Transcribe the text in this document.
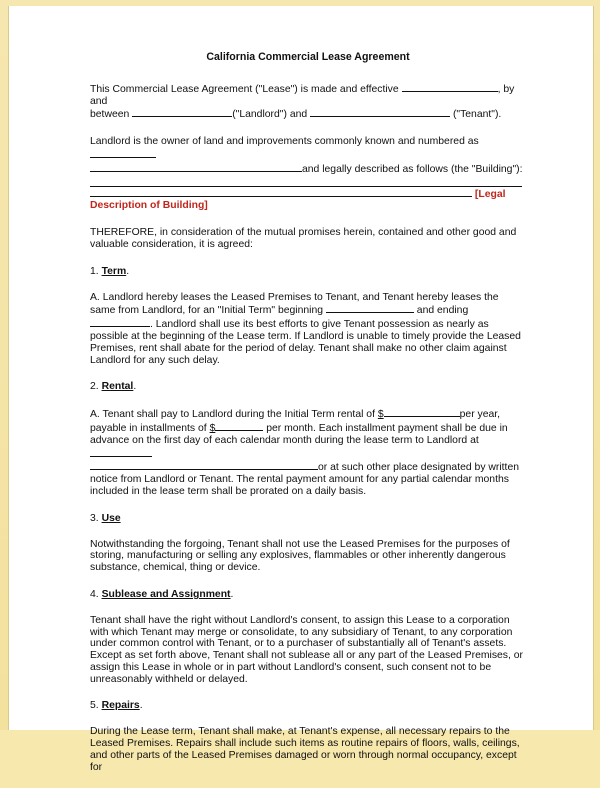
California Commercial Lease Agreement

This Commercial Lease Agreement ("Lease") is made and effective	, by and
between	("Landlord") and	("Tenant").

Landlord is the owner of land and improvements commonly known and numbered as
and legally described as follows (the "Building"):

[Legal
Description of Building]

THEREFORE, in consideration of the mutual promises herein, contained and other good and valuable consideration, it is agreed:

1. Term.

A. Landlord hereby leases the Leased Premises to Tenant, and Tenant hereby leases the same from Landlord, for an "Initial Term" beginning	and ending . Landlord shall use its best efforts to give Tenant possession as nearly as possible at the beginning of the Lease term. If Landlord is unable to timely provide the Leased Premises, rent shall abate for the period of delay. Tenant shall make no other claim against Landlord for any such delay.

2. Rental.

A. Tenant shall pay to Landlord during the Initial Term rental of $	per year, payable in installments of $	per month. Each installment payment shall be due in advance on the first day of each calendar month during the lease term to Landlord at
or at such other place designated by written notice from Landlord or Tenant. The rental payment amount for any partial calendar months included in the lease term shall be prorated on a daily basis.

3. Use

Notwithstanding the forgoing, Tenant shall not use the Leased Premises for the purposes of storing, manufacturing or selling any explosives, flammables or other inherently dangerous substance, chemical, thing or device.

4. Sublease and Assignment.

Tenant shall have the right without Landlord's consent, to assign this Lease to a corporation with which Tenant may merge or consolidate, to any subsidiary of Tenant, to any corporation under common control with Tenant, or to a purchaser of substantially all of Tenant's assets. Except as set forth above, Tenant shall not sublease all or any part of the Leased Premises, or assign this Lease in whole or in part without Landlord's consent, such consent not to be unreasonably withheld or delayed.

5. Repairs.

During the Lease term, Tenant shall make, at Tenant's expense, all necessary repairs to the Leased Premises. Repairs shall include such items as routine repairs of floors, walls, ceilings, and other parts of the Leased Premises damaged or worn through normal occupancy, except for
